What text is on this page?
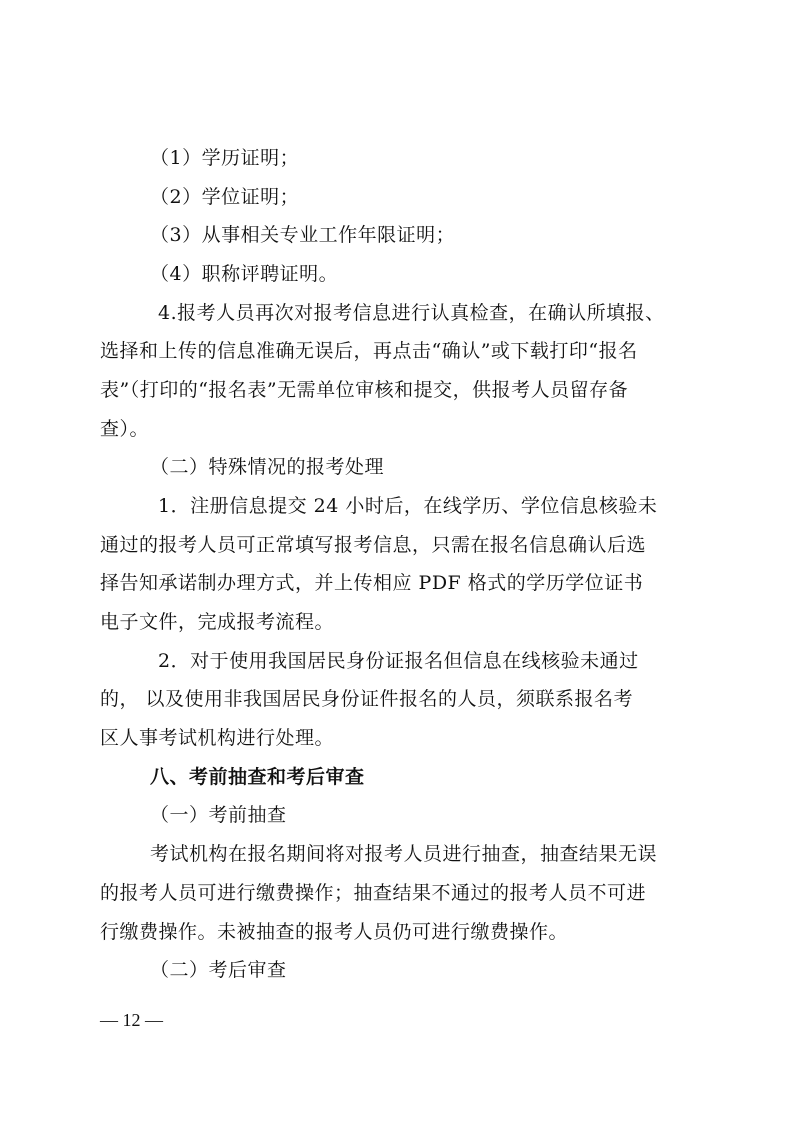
（1）学历证明；
（2）学位证明；
（3）从事相关专业工作年限证明；
（4）职称评聘证明。
4.报考人员再次对报考信息进行认真检查，在确认所填报、
选择和上传的信息准确无误后，再点击“确认”或下载打印“报名
表”（打印的“报名表”无需单位审核和提交，供报考人员留存备
查）。
（二）特殊情况的报考处理
1．注册信息提交 24 小时后，在线学历、学位信息核验未
通过的报考人员可正常填写报考信息，只需在报名信息确认后选
择告知承诺制办理方式，并上传相应 PDF 格式的学历学位证书
电子文件，完成报考流程。
2．对于使用我国居民身份证报名但信息在线核验未通过
的， 以及使用非我国居民身份证件报名的人员，须联系报名考
区人事考试机构进行处理。
八、考前抽查和考后审查
（一）考前抽查
考试机构在报名期间将对报考人员进行抽查，抽查结果无误
的报考人员可进行缴费操作；抽查结果不通过的报考人员不可进
行缴费操作。未被抽查的报考人员仍可进行缴费操作。
（二）考后审查
— 12 —
